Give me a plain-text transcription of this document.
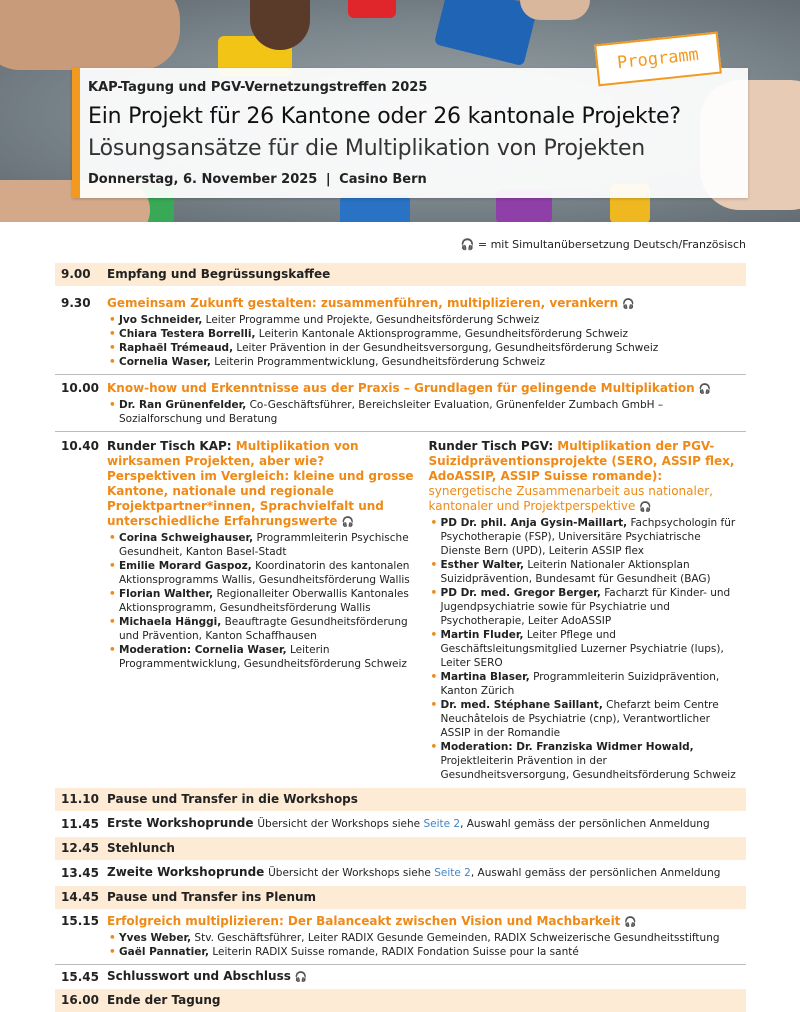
KAP-Tagung und PGV-Vernetzungstreffen 2025
Ein Projekt für 26 Kantone oder 26 kantonale Projekte?
Lösungsansätze für die Multiplikation von Projekten
Donnerstag, 6. November 2025 | Casino Bern
Programm
🎧 = mit Simultanübersetzung Deutsch/Französisch
9.00	Empfang und Begrüssungskaffee
9.30	Gemeinsam Zukunft gestalten: zusammenführen, multiplizieren, verankern 🎧
• Jvo Schneider, Leiter Programme und Projekte, Gesundheitsförderung Schweiz
• Chiara Testera Borrelli, Leiterin Kantonale Aktionsprogramme, Gesundheitsförderung Schweiz
• Raphaël Trémeaud, Leiter Prävention in der Gesundheitsversorgung, Gesundheitsförderung Schweiz
• Cornelia Waser, Leiterin Programmentwicklung, Gesundheitsförderung Schweiz
10.00 Know-how und Erkenntnisse aus der Praxis – Grundlagen für gelingende Multiplikation 🎧
• Dr. Ran Grünenfelder, Co-Geschäftsführer, Bereichsleiter Evaluation, Grünenfelder Zumbach GmbH – Sozialforschung und Beratung
10.40 Runder Tisch KAP: Multiplikation von wirksamen Projekten, aber wie? Perspektiven im Vergleich: kleine und grosse Kantone, nationale und regionale Projektpartner*innen, Sprachvielfalt und unterschiedliche Erfahrungswerte 🎧
• Corina Schweighauser, Programmleiterin Psychische Gesundheit, Kanton Basel-Stadt
• Emilie Morard Gaspoz, Koordinatorin des kantonalen Aktionsprogramms Wallis, Gesundheitsförderung Wallis
• Florian Walther, Regionalleiter Oberwallis Kantonales Aktionsprogramm, Gesundheitsförderung Wallis
• Michaela Hänggi, Beauftragte Gesundheitsförderung und Prävention, Kanton Schaffhausen
• Moderation: Cornelia Waser, Leiterin Programmentwicklung, Gesundheitsförderung Schweiz
Runder Tisch PGV: Multiplikation der PGV-Suizidpräventionsprojekte (SERO, ASSIP flex, AdoASSIP, ASSIP Suisse romande): synergetische Zusammenarbeit aus nationaler, kantonaler und Projektperspektive 🎧
• PD Dr. phil. Anja Gysin-Maillart, Fachpsychologin für Psychotherapie (FSP), Universitäre Psychiatrische Dienste Bern (UPD), Leiterin ASSIP flex
• Esther Walter, Leiterin Nationaler Aktionsplan Suizidprävention, Bundesamt für Gesundheit (BAG)
• PD Dr. med. Gregor Berger, Facharzt für Kinder- und Jugendpsychiatrie sowie für Psychiatrie und Psychotherapie, Leiter AdoASSIP
• Martin Fluder, Leiter Pflege und Geschäftsleitungsmitglied Luzerner Psychiatrie (lups), Leiter SERO
• Martina Blaser, Programmleiterin Suizidprävention, Kanton Zürich
• Dr. med. Stéphane Saillant, Chefarzt beim Centre Neuchâtelois de Psychiatrie (cnp), Verantwortlicher ASSIP in der Romandie
• Moderation: Dr. Franziska Widmer Howald, Projektleiterin Prävention in der Gesundheitsversorgung, Gesundheitsförderung Schweiz
11.10 Pause und Transfer in die Workshops
11.45 Erste Workshoprunde Übersicht der Workshops siehe Seite 2, Auswahl gemäss der persönlichen Anmeldung
12.45 Stehlunch
13.45 Zweite Workshoprunde Übersicht der Workshops siehe Seite 2, Auswahl gemäss der persönlichen Anmeldung
14.45 Pause und Transfer ins Plenum
15.15 Erfolgreich multiplizieren: Der Balanceakt zwischen Vision und Machbarkeit 🎧
• Yves Weber, Stv. Geschäftsführer, Leiter RADIX Gesunde Gemeinden, RADIX Schweizerische Gesundheitsstiftung
• Gaël Pannatier, Leiterin RADIX Suisse romande, RADIX Fondation Suisse pour la santé
15.45 Schlusswort und Abschluss 🎧
16.00 Ende der Tagung
